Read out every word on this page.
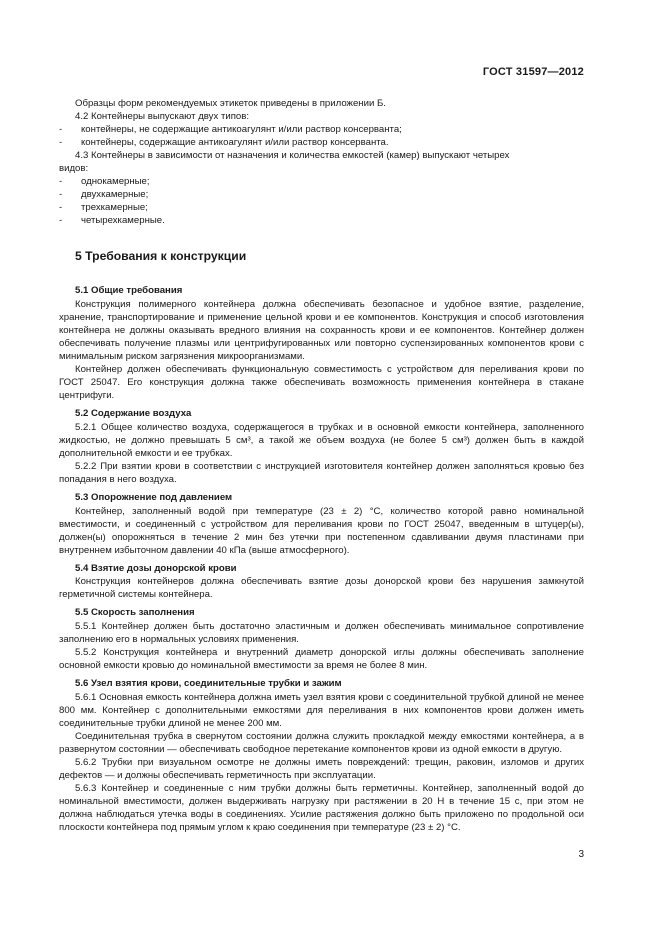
ГОСТ 31597—2012

Образцы форм рекомендуемых этикеток приведены в приложении Б.

4.2 Контейнеры выпускают двух типов:

-	контейнеры, не содержащие антикоагулянт и/или раствор консерванта;
-	контейнеры, содержащие антикоагулянт и/или раствор консерванта.

4.3 Контейнеры в зависимости от назначения и количества емкостей (камер) выпускают четырех

видов:

-	однокамерные;
-	двухкамерные;
-	трехкамерные;
-	четырехкамерные.
5 Требования к конструкции
5.1 Общие требования

Конструкция полимерного контейнера должна обеспечивать безопасное и удобное взятие, разделение, хранение, транспортирование и применение цельной крови и ее компонентов. Конструкция и способ изготовления контейнера не должны оказывать вредного влияния на сохранность крови и ее компонентов. Контейнер должен обеспечивать получение плазмы или центрифугированных или повторно суспензированных компонентов крови с минимальным риском загрязнения микроорганизмами.

Контейнер должен обеспечивать функциональную совместимость с устройством для переливания крови по ГОСТ 25047. Его конструкция должна также обеспечивать возможность применения контейнера в стакане центрифуги.

5.2 Содержание воздуха

5.2.1 Общее количество воздуха, содержащегося в трубках и в основной емкости контейнера, заполненного жидкостью, не должно превышать 5 см³, а такой же объем воздуха (не более 5 см³) должен быть в каждой дополнительной емкости и ее трубках.

5.2.2 При взятии крови в соответствии с инструкцией изготовителя контейнер должен заполняться кровью без попадания в него воздуха.

5.3 Опорожнение под давлением

Контейнер, заполненный водой при температуре (23 ± 2) °С, количество которой равно номинальной вместимости, и соединенный с устройством для переливания крови по ГОСТ 25047, введенным в штуцер(ы), должен(ы) опорожняться в течение 2 мин без утечки при постепенном сдавливании двумя пластинами при внутреннем избыточном давлении 40 кПа (выше атмосферного).

5.4 Взятие дозы донорской крови

Конструкция контейнеров должна обеспечивать взятие дозы донорской крови без нарушения замкнутой герметичной системы контейнера.

5.5 Скорость заполнения

5.5.1 Контейнер должен быть достаточно эластичным и должен обеспечивать минимальное сопротивление заполнению его в нормальных условиях применения.

5.5.2 Конструкция контейнера и внутренний диаметр донорской иглы должны обеспечивать заполнение основной емкости кровью до номинальной вместимости за время не более 8 мин.

5.6 Узел взятия крови, соединительные трубки и зажим

5.6.1 Основная емкость контейнера должна иметь узел взятия крови с соединительной трубкой длиной не менее 800 мм. Контейнер с дополнительными емкостями для переливания в них компонентов крови должен иметь соединительные трубки длиной не менее 200 мм.

Соединительная трубка в свернутом состоянии должна служить прокладкой между емкостями контейнера, а в развернутом состоянии — обеспечивать свободное перетекание компонентов крови из одной емкости в другую.

5.6.2 Трубки при визуальном осмотре не должны иметь повреждений: трещин, раковин, изломов и других дефектов — и должны обеспечивать герметичность при эксплуатации.

5.6.3 Контейнер и соединенные с ним трубки должны быть герметичны. Контейнер, заполненный водой до номинальной вместимости, должен выдерживать нагрузку при растяжении в 20 Н в течение 15 с, при этом не должна наблюдаться утечка воды в соединениях. Усилие растяжения должно быть приложено по продольной оси плоскости контейнера под прямым углом к краю соединения при температуре (23 ± 2) °С.

3
